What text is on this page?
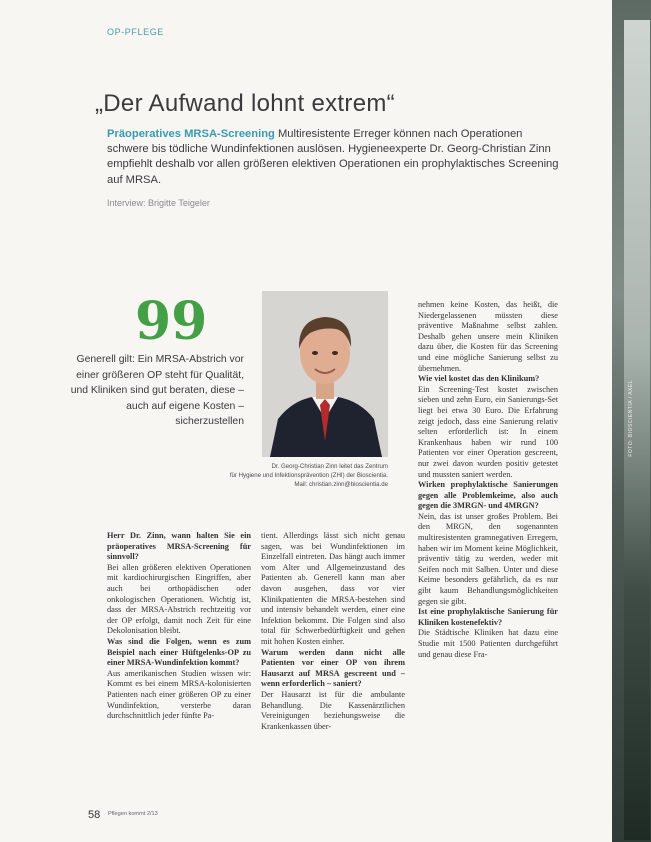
OP-PFLEGE
„Der Aufwand lohnt extrem“
Präoperatives MRSA-Screening Multiresistente Erreger können nach Operationen schwere bis tödliche Wundinfektionen auslösen. Hygieneexperte Dr. Georg-Christian Zinn empfiehlt deshalb vor allen größeren elektiven Operationen ein prophylaktisches Screening auf MRSA.
Interview: Brigitte Teigeler
99
Generell gilt: Ein MRSA-Abstrich vor einer größeren OP steht für Qualität, und Kliniken sind gut beraten, diese – auch auf eigene Kosten – sicherzustellen
Dr. Georg-Christian Zinn leitet das Zentrum
für Hygiene und Infektionsprävention (ZHI) der Bioscientia.
Mail: christian.zinn@bioscientia.de

Herr Dr. Zinn, wann halten Sie ein präoperatives MRSA-Screening für sinnvoll?

Bei allen größeren elektiven Operationen mit kardiochirurgischen Eingriffen, aber auch bei orthopädischen oder onkologischen Operationen. Wichtig ist, dass der MRSA-Abstrich rechtzeitig vor der OP erfolgt, damit noch Zeit für eine Dekolonisation bleibt.

Was sind die Folgen, wenn es zum Beispiel nach einer Hüftgelenks-OP zu einer MRSA-Wundinfektion kommt?

Aus amerikanischen Studien wissen wir: Kommt es bei einem MRSA-kolonisierten Patienten nach einer größeren OP zu einer Wundinfektion, versterbe daran durchschnittlich jeder fünfte Pa-

tient. Allerdings lässt sich nicht genau sagen, was bei Wundinfektionen im Einzelfall eintreten. Das hängt auch immer vom Alter und Allgemeinzustand des Patienten ab. Generell kann man aber davon ausgehen, dass vor vier Klinikpatienten die MRSA-bestehen sind und intensiv behandelt werden, einer eine Infektion bekommt. Die Folgen sind also total für Schwerbedürftigkeit und gehen mit hohen Kosten einher.

Warum werden dann nicht alle Patienten vor einer OP von ihrem Hausarzt auf MRSA gescreent und – wenn erforderlich – saniert?

Der Hausarzt ist für die ambulante Behandlung. Die Kassenärztlichen Vereinigungen beziehungsweise die Krankenkassen über-

nehmen keine Kosten, das heißt, die Niedergelassenen müssten diese präventive Maßnahme selbst zahlen. Deshalb gehen unsere mein Kliniken dazu über, die Kosten für das Screening und eine mögliche Sanierung selbst zu übernehmen.

Wie viel kostet das den Klinikum?

Ein Screening-Test kostet zwischen sieben und zehn Euro, ein Sanierungs-Set liegt bei etwa 30 Euro. Die Erfahrung zeigt jedoch, dass eine Sanierung relativ selten erforderlich ist: In einem Krankenhaus haben wir rund 100 Patienten vor einer Operation gescreent, nur zwei davon wurden positiv getestet und mussten saniert werden.

Wirken prophylaktische Sanierungen gegen alle Problemkeime, also auch gegen die 3MRGN- und 4MRGN?

Nein, das ist unser großes Problem. Bei den MRGN, den sogenannten multiresistenten gramnegativen Erregern, haben wir im Moment keine Möglichkeit, präventiv tätig zu werden, weder mit Seifen noch mit Salben. Unter und diese Keime besonders gefährlich, da es nur gibt kaum Behandlungsmöglichkeiten gegen sie gibt.

Ist eine prophylaktische Sanierung für Kliniken kostenefektiv?

Die Städtische Kliniken hat dazu eine Studie mit 1500 Patienten durchgeführt und genau diese Fra-

58 Pflegen kommt 2/13
FOTO: BIOSCIENTIA / AXEL
